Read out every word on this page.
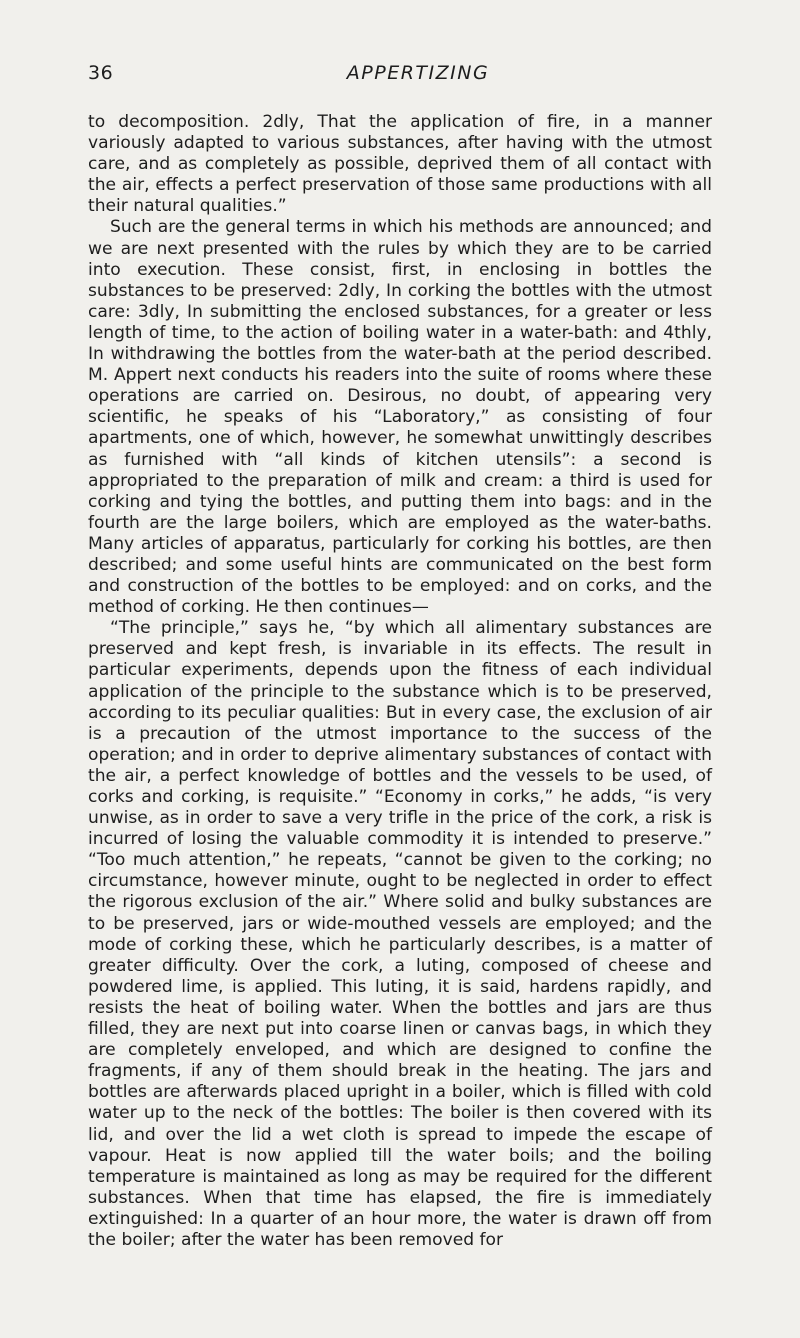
36	APPERTIZING

to decomposition. 2dly, That the application of fire, in a manner variously adapted to various substances, after having with the utmost care, and as completely as possible, deprived them of all contact with the air, effects a perfect preservation of those same productions with all their natural qualities.”

Such are the general terms in which his methods are announced; and we are next presented with the rules by which they are to be carried into execution. These consist, first, in enclosing in bottles the substances to be preserved: 2dly, In corking the bottles with the utmost care: 3dly, In submitting the enclosed substances, for a greater or less length of time, to the action of boiling water in a water-bath: and 4thly, In withdrawing the bottles from the water-bath at the period described. M. Appert next conducts his readers into the suite of rooms where these operations are carried on. Desirous, no doubt, of appearing very scientific, he speaks of his “Laboratory,” as consisting of four apartments, one of which, however, he somewhat unwittingly describes as furnished with “all kinds of kitchen utensils”: a second is appropriated to the preparation of milk and cream: a third is used for corking and tying the bottles, and putting them into bags: and in the fourth are the large boilers, which are employed as the water-baths. Many articles of apparatus, particularly for corking his bottles, are then described; and some useful hints are communicated on the best form and construction of the bottles to be employed: and on corks, and the method of corking. He then continues—

“The principle,” says he, “by which all alimentary substances are preserved and kept fresh, is invariable in its effects. The result in particular experiments, depends upon the fitness of each individual application of the principle to the substance which is to be preserved, according to its peculiar qualities: But in every case, the exclusion of air is a precaution of the utmost importance to the success of the operation; and in order to deprive alimentary substances of contact with the air, a perfect knowledge of bottles and the vessels to be used, of corks and corking, is requisite.” “Economy in corks,” he adds, “is very unwise, as in order to save a very trifle in the price of the cork, a risk is incurred of losing the valuable commodity it is intended to preserve.” “Too much attention,” he repeats, “cannot be given to the corking; no circumstance, however minute, ought to be neglected in order to effect the rigorous exclusion of the air.” Where solid and bulky substances are to be preserved, jars or wide-mouthed vessels are employed; and the mode of corking these, which he particularly describes, is a matter of greater difficulty. Over the cork, a luting, composed of cheese and powdered lime, is applied. This luting, it is said, hardens rapidly, and resists the heat of boiling water. When the bottles and jars are thus filled, they are next put into coarse linen or canvas bags, in which they are completely enveloped, and which are designed to confine the fragments, if any of them should break in the heating. The jars and bottles are afterwards placed upright in a boiler, which is filled with cold water up to the neck of the bottles: The boiler is then covered with its lid, and over the lid a wet cloth is spread to impede the escape of vapour. Heat is now applied till the water boils; and the boiling temperature is maintained as long as may be required for the different substances. When that time has elapsed, the fire is immediately extinguished: In a quarter of an hour more, the water is drawn off from the boiler; after the water has been removed for
